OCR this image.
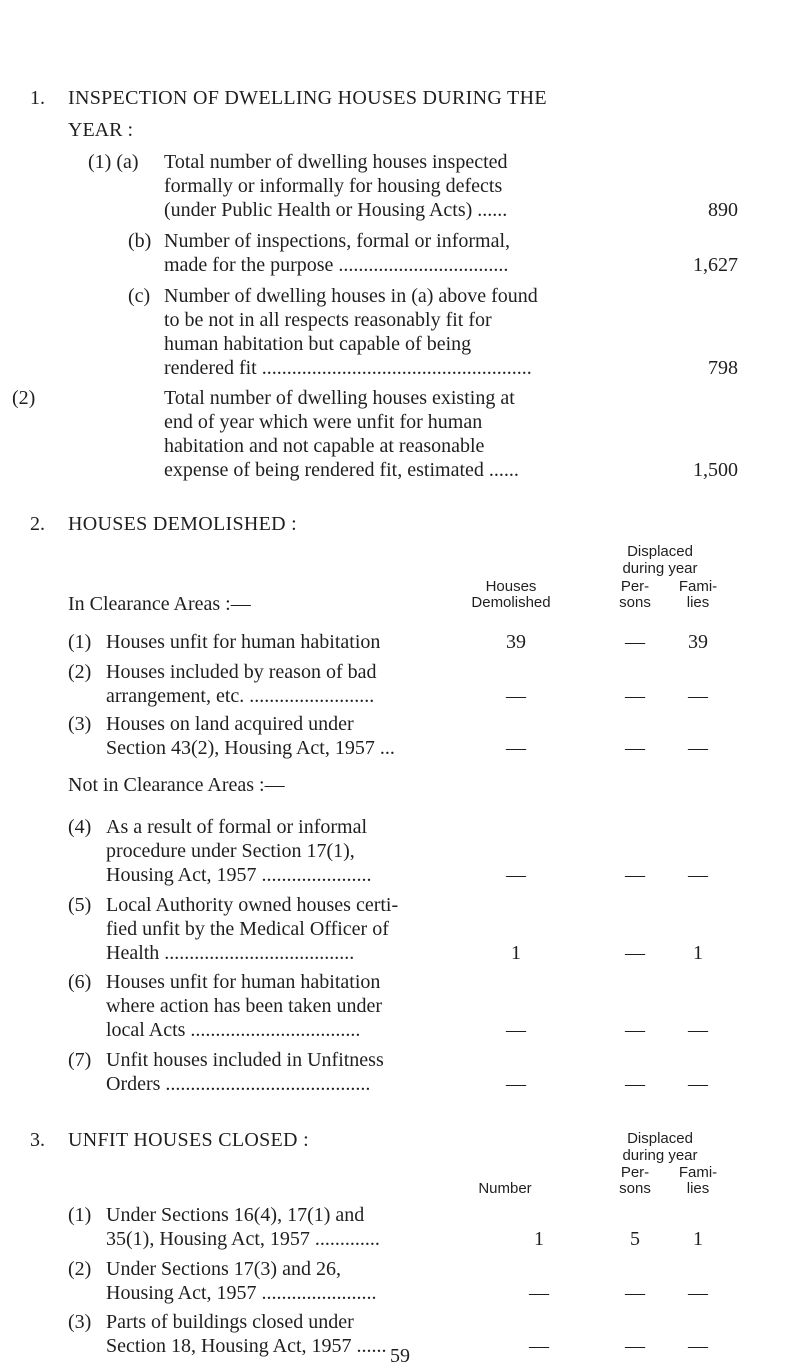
1. INSPECTION OF DWELLING HOUSES DURING THE
YEAR :
(1) (a) Total number of dwelling houses inspected
formally or informally for housing defects
(under Public Health or Housing Acts) ......	890
(b) Number of inspections, formal or informal,
made for the purpose ..................................	1,627
(c) Number of dwelling houses in (a) above found
to be not in all respects reasonably fit for
human habitation but capable of being
rendered fit ......................................................	798
(2)	Total number of dwelling houses existing at
end of year which were unfit for human
habitation and not capable at reasonable
expense of being rendered fit, estimated ......	1,500
2. HOUSES DEMOLISHED :
Displaced
during year
Houses
Demolished
Per-
sons
Fami-
lies
In Clearance Areas :—
(1) Houses unfit for human habitation	39	—	39
(2) Houses included by reason of bad
arrangement, etc. .........................	—	—	—
(3) Houses on land acquired under
Section 43(2), Housing Act, 1957 ...	—	—	—
Not in Clearance Areas :—
(4) As a result of formal or informal
procedure under Section 17(1),
Housing Act, 1957 ......................	—	—	—
(5) Local Authority owned houses certi-
fied unfit by the Medical Officer of
Health ......................................	1	—	1
(6) Houses unfit for human habitation
where action has been taken under
local Acts ..................................	—	—	—
(7) Unfit houses included in Unfitness
Orders .........................................	—	—	—
3. UNFIT HOUSES CLOSED :	Displaced
during year
Per-
sons
Fami-
lies
Number
(1) Under Sections 16(4), 17(1) and
35(1), Housing Act, 1957 .............	1	5	1
(2) Under Sections 17(3) and 26,
Housing Act, 1957 .......................	—	—	—
(3) Parts of buildings closed under
Section 18, Housing Act, 1957 ......	—	—	—
59
